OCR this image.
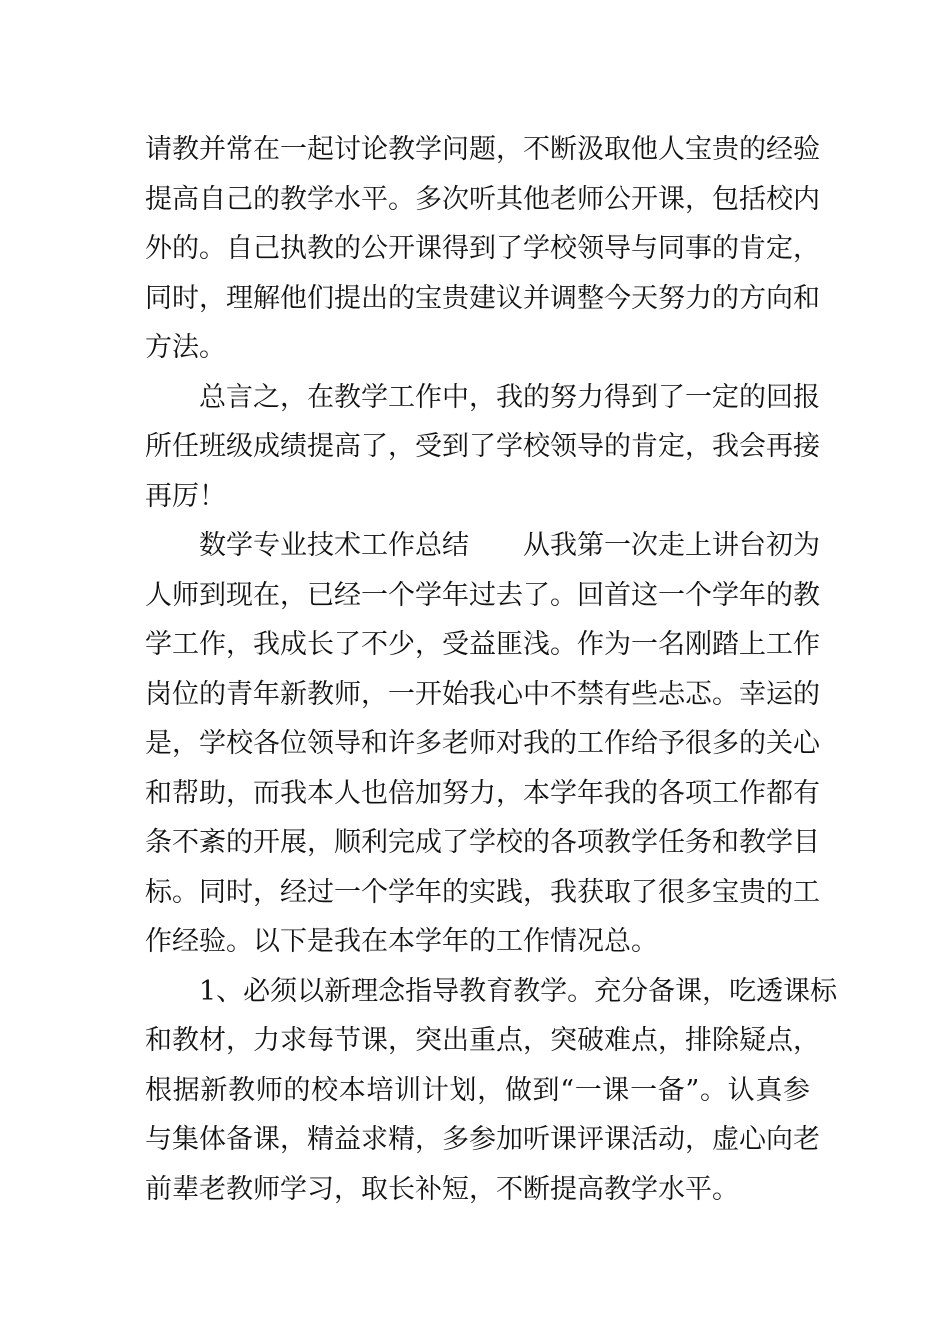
请教并常在一起讨论教学问题，不断汲取他人宝贵的经验
提高自己的教学水平。多次听其他老师公开课，包括校内
外的。自己执教的公开课得到了学校领导与同事的肯定，
同时，理解他们提出的宝贵建议并调整今天努力的方向和
方法。
总言之，在教学工作中，我的努力得到了一定的回报
所任班级成绩提高了，受到了学校领导的肯定，我会再接
再厉！
数学专业技术工作总结　　从我第一次走上讲台初为
人师到现在，已经一个学年过去了。回首这一个学年的教
学工作，我成长了不少，受益匪浅。作为一名刚踏上工作
岗位的青年新教师，一开始我心中不禁有些忐忑。幸运的
是，学校各位领导和许多老师对我的工作给予很多的关心
和帮助，而我本人也倍加努力，本学年我的各项工作都有
条不紊的开展，顺利完成了学校的各项教学任务和教学目
标。同时，经过一个学年的实践，我获取了很多宝贵的工
作经验。以下是我在本学年的工作情况总。
1、必须以新理念指导教育教学。充分备课，吃透课标
和教材，力求每节课，突出重点，突破难点，排除疑点，
根据新教师的校本培训计划，做到“一课一备”。认真参
与集体备课，精益求精，多参加听课评课活动，虚心向老
前辈老教师学习，取长补短，不断提高教学水平。
